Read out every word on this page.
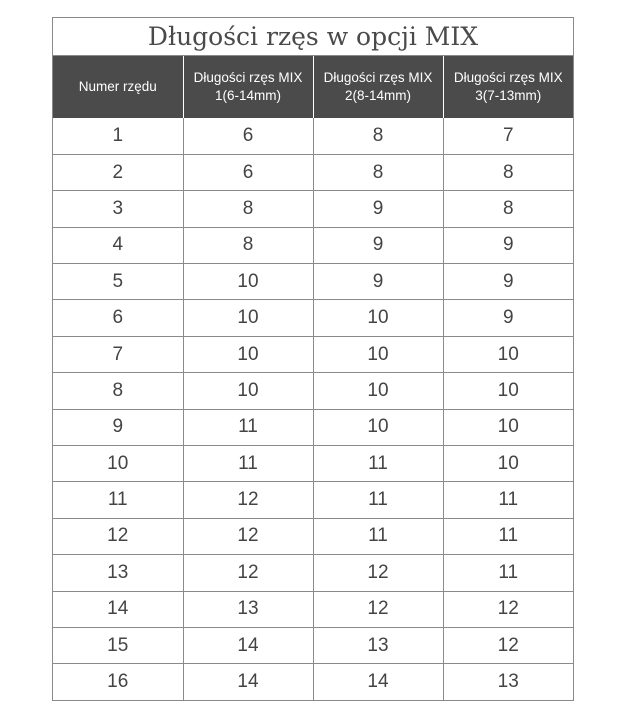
Długości rzęs w opcji MIX
Numer rzędu	Długości rzęs MIX 1(6-14mm)	Długości rzęs MIX 2(8-14mm)	Długości rzęs MIX 3(7-13mm)
1	6	8	7
2	6	8	8
3	8	9	8
4	8	9	9
5	10	9	9
6	10	10	9
7	10	10	10
8	10	10	10
9	11	10	10
10	11	11	10
11	12	11	11
12	12	11	11
13	12	12	11
14	13	12	12
15	14	13	12
16	14	14	13
